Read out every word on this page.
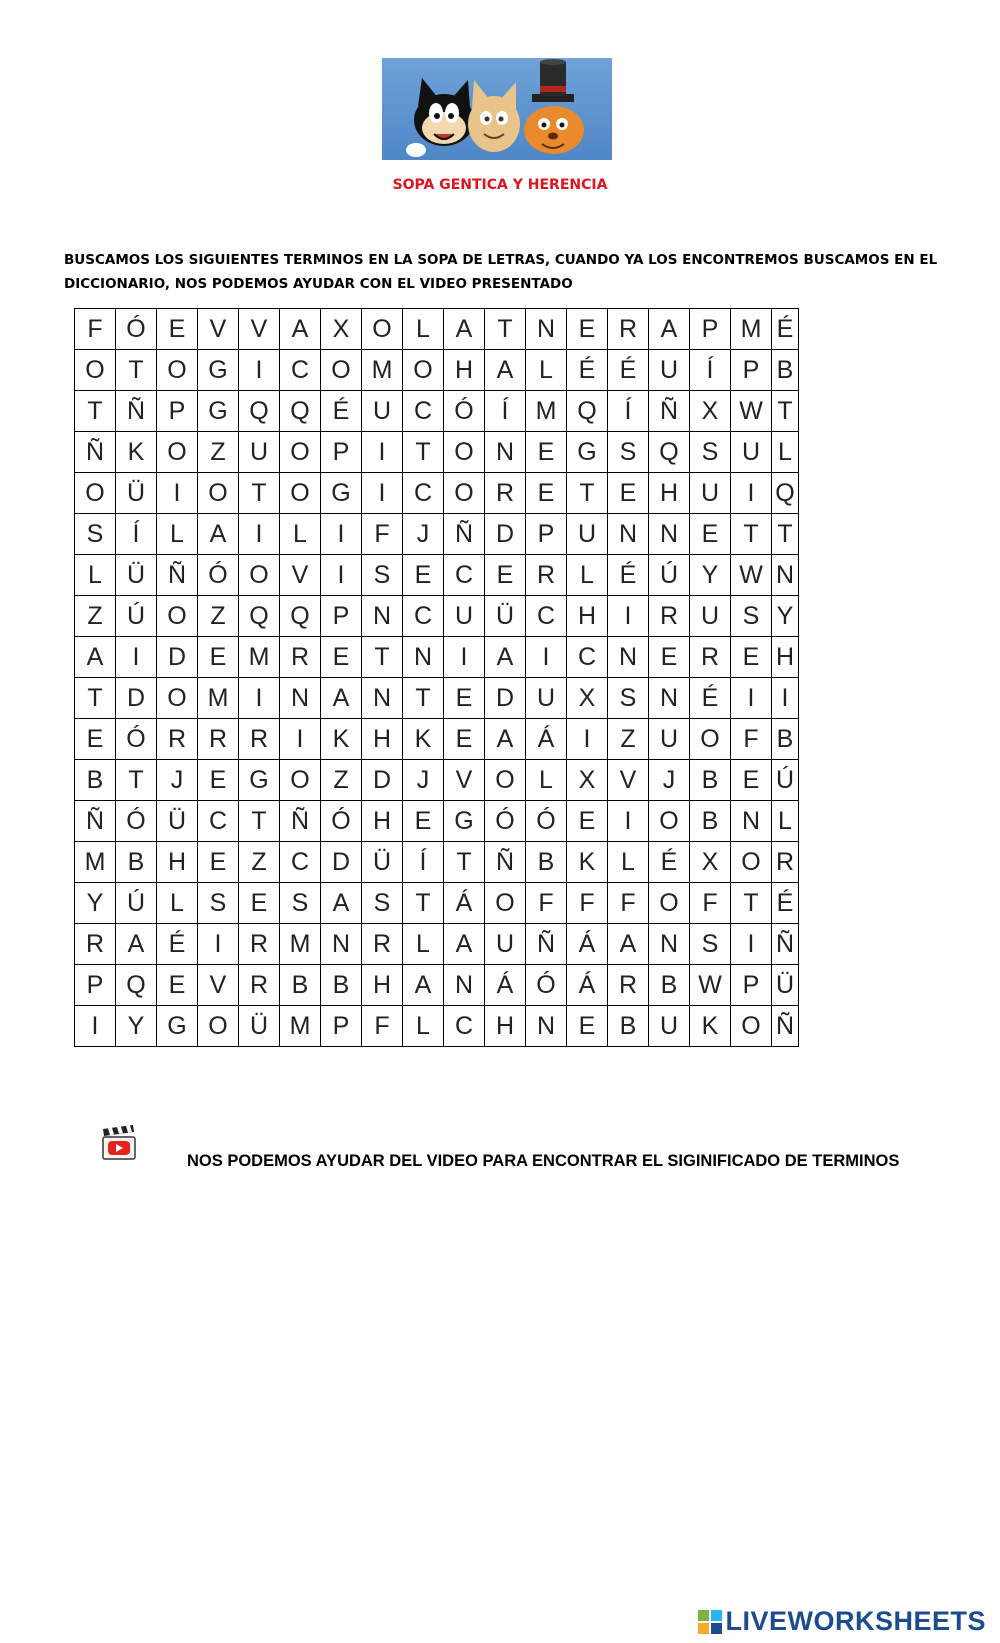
SOPA GENTICA Y HERENCIA
BUSCAMOS LOS SIGUIENTES TERMINOS EN LA SOPA DE LETRAS, CUANDO YA LOS ENCONTREMOS BUSCAMOS EN EL DICCIONARIO, NOS PODEMOS AYUDAR CON EL VIDEO PRESENTADO
F	Ó	E	V	V	A	X	O	L	A	T	N	E	R	A	P	M	É
O	T	O	G	I	C	O	M	O	H	A	L	É	É	U	Í	P	B
T	Ñ	P	G	Q	Q	É	U	C	Ó	Í	M	Q	Í	Ñ	X	W	T
Ñ	K	O	Z	U	O	P	I	T	O	N	E	G	S	Q	S	U	L
O	Ü	I	O	T	O	G	I	C	O	R	E	T	E	H	U	I	Q
S	Í	L	A	I	L	I	F	J	Ñ	D	P	U	N	N	E	T	T
L	Ü	Ñ	Ó	O	V	I	S	E	C	E	R	L	É	Ú	Y	W	N
Z	Ú	O	Z	Q	Q	P	N	C	U	Ü	C	H	I	R	U	S	Y
A	I	D	E	M	R	E	T	N	I	A	I	C	N	E	R	E	H
T	D	O	M	I	N	A	N	T	E	D	U	X	S	N	É	I	I
E	Ó	R	R	R	I	K	H	K	E	A	Á	I	Z	U	O	F	B
B	T	J	E	G	O	Z	D	J	V	O	L	X	V	J	B	E	Ú
Ñ	Ó	Ü	C	T	Ñ	Ó	H	E	G	Ó	Ó	E	I	O	B	N	L
M	B	H	E	Z	C	D	Ü	Í	T	Ñ	B	K	L	É	X	O	R
Y	Ú	L	S	E	S	A	S	T	Á	O	F	F	F	O	F	T	É
R	A	É	I	R	M	N	R	L	A	U	Ñ	Á	A	N	S	I	Ñ
P	Q	E	V	R	B	B	H	A	N	Á	Ó	Á	R	B	W	P	Ü
I	Y	G	O	Ü	M	P	F	L	C	H	N	E	B	U	K	O	Ñ
NOS PODEMOS AYUDAR DEL VIDEO PARA ENCONTRAR EL SIGINIFICADO DE TERMINOS
LIVEWORKSHEETS
